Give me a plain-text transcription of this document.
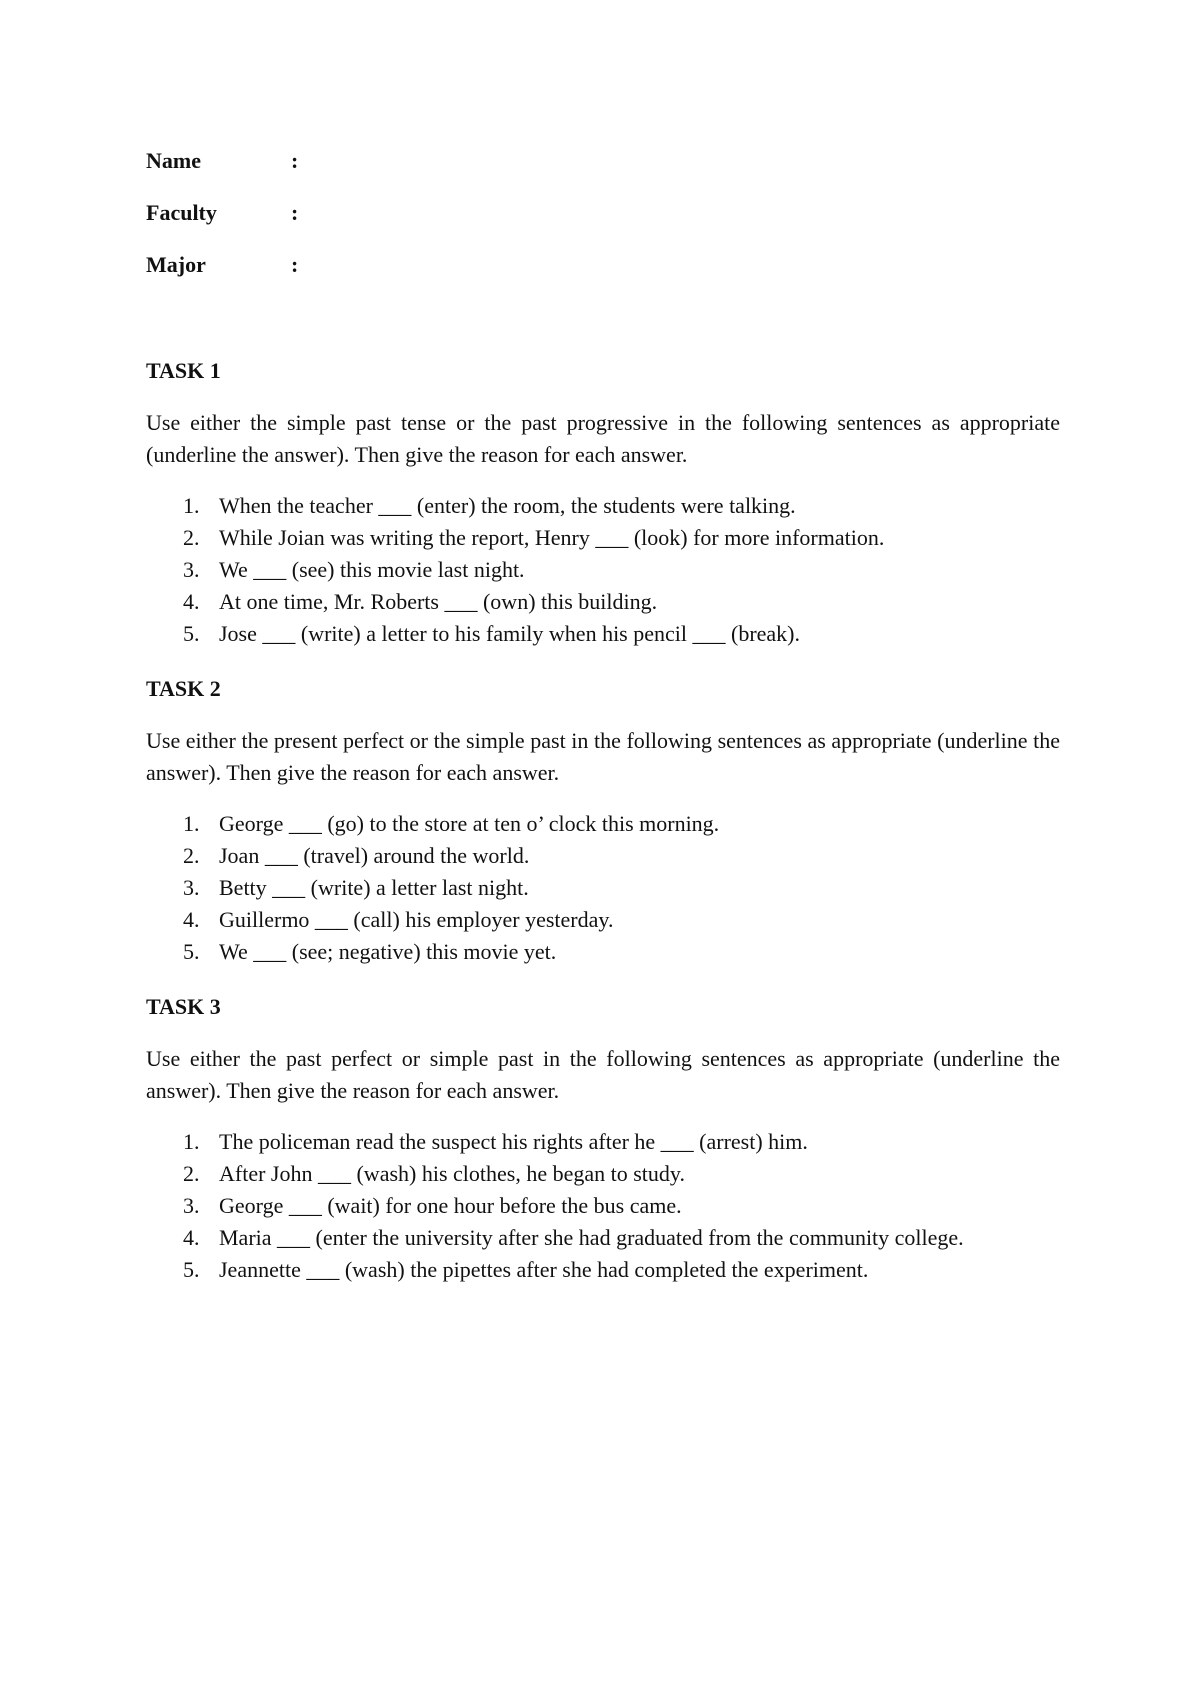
Name	:
Faculty	:
Major	:
TASK 1

Use either the simple past tense or the past progressive in the following sentences as appropriate (underline the answer). Then give the reason for each answer.

1. When the teacher ___ (enter) the room, the students were talking.
2. While Joian was writing the report, Henry ___ (look) for more information.
3. We ___ (see) this movie last night.
4. At one time, Mr. Roberts ___ (own) this building.
5. Jose ___ (write) a letter to his family when his pencil ___ (break).
TASK 2

Use either the present perfect or the simple past in the following sentences as appropriate (underline the answer). Then give the reason for each answer.

1. George ___ (go) to the store at ten o’ clock this morning.
2. Joan ___ (travel) around the world.
3. Betty ___ (write) a letter last night.
4. Guillermo ___ (call) his employer yesterday.
5. We ___ (see; negative) this movie yet.
TASK 3

Use either the past perfect or simple past in the following sentences as appropriate (underline the answer). Then give the reason for each answer.

1. The policeman read the suspect his rights after he ___ (arrest) him.
2. After John ___ (wash) his clothes, he began to study.
3. George ___ (wait) for one hour before the bus came.
4. Maria ___ (enter the university after she had graduated from the community college.
5. Jeannette ___ (wash) the pipettes after she had completed the experiment.
